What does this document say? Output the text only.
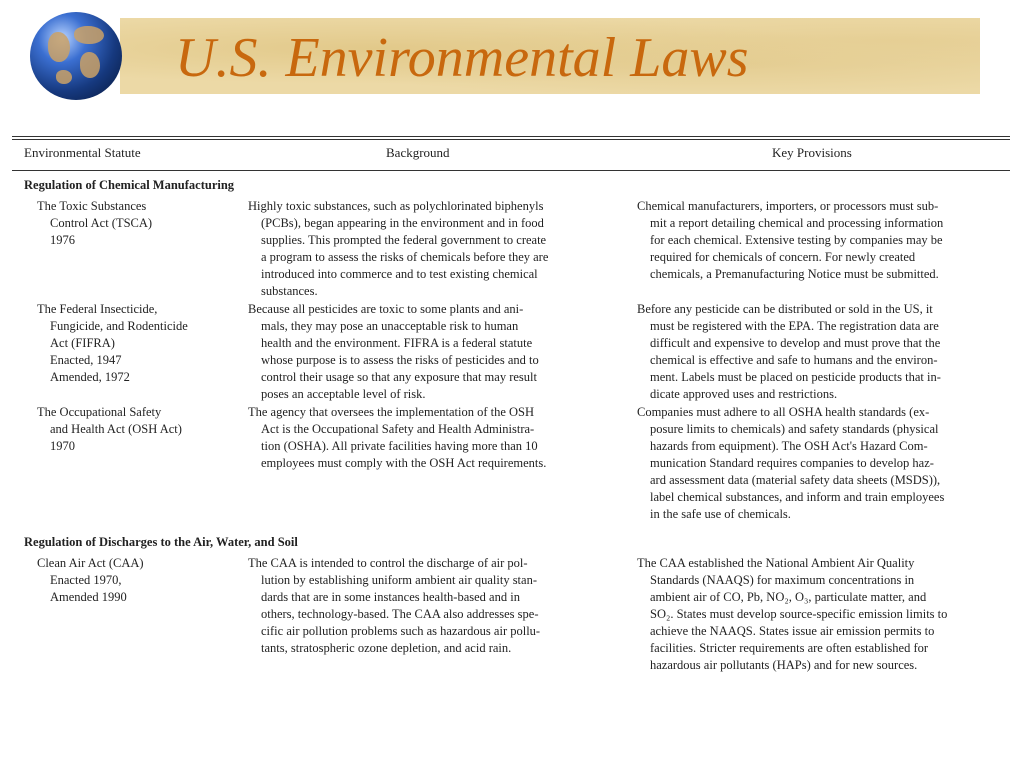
U.S. Environmental Laws
Environmental Statute	Background	Key Provisions
Regulation of Chemical Manufacturing
The Toxic Substances
Control Act (TSCA)
1976
Highly toxic substances, such as polychlorinated biphenyls
(PCBs), began appearing in the environment and in food
supplies. This prompted the federal government to create
a program to assess the risks of chemicals before they are
introduced into commerce and to test existing chemical
substances.
Chemical manufacturers, importers, or processors must sub-
mit a report detailing chemical and processing information
for each chemical. Extensive testing by companies may be
required for chemicals of concern. For newly created
chemicals, a Premanufacturing Notice must be submitted.
The Federal Insecticide,
Fungicide, and Rodenticide
Act (FIFRA)
Enacted, 1947
Amended, 1972
Because all pesticides are toxic to some plants and ani-
mals, they may pose an unacceptable risk to human
health and the environment. FIFRA is a federal statute
whose purpose is to assess the risks of pesticides and to
control their usage so that any exposure that may result
poses an acceptable level of risk.
Before any pesticide can be distributed or sold in the US, it
must be registered with the EPA. The registration data are
difficult and expensive to develop and must prove that the
chemical is effective and safe to humans and the environ-
ment. Labels must be placed on pesticide products that in-
dicate approved uses and restrictions.
The Occupational Safety
and Health Act (OSH Act)
1970
The agency that oversees the implementation of the OSH
Act is the Occupational Safety and Health Administra-
tion (OSHA). All private facilities having more than 10
employees must comply with the OSH Act requirements.
Companies must adhere to all OSHA health standards (ex-
posure limits to chemicals) and safety standards (physical
hazards from equipment). The OSH Act's Hazard Com-
munication Standard requires companies to develop haz-
ard assessment data (material safety data sheets (MSDS)),
label chemical substances, and inform and train employees
in the safe use of chemicals.
Regulation of Discharges to the Air, Water, and Soil
Clean Air Act (CAA)
Enacted 1970,
Amended 1990
The CAA is intended to control the discharge of air pol-
lution by establishing uniform ambient air quality stan-
dards that are in some instances health-based and in
others, technology-based. The CAA also addresses spe-
cific air pollution problems such as hazardous air pollu-
tants, stratospheric ozone depletion, and acid rain.
The CAA established the National Ambient Air Quality
Standards (NAAQS) for maximum concentrations in
ambient air of CO, Pb, NO₂, O₃, particulate matter, and
SO₂. States must develop source-specific emission limits to
achieve the NAAQS. States issue air emission permits to
facilities. Stricter requirements are often established for
hazardous air pollutants (HAPs) and for new sources.
